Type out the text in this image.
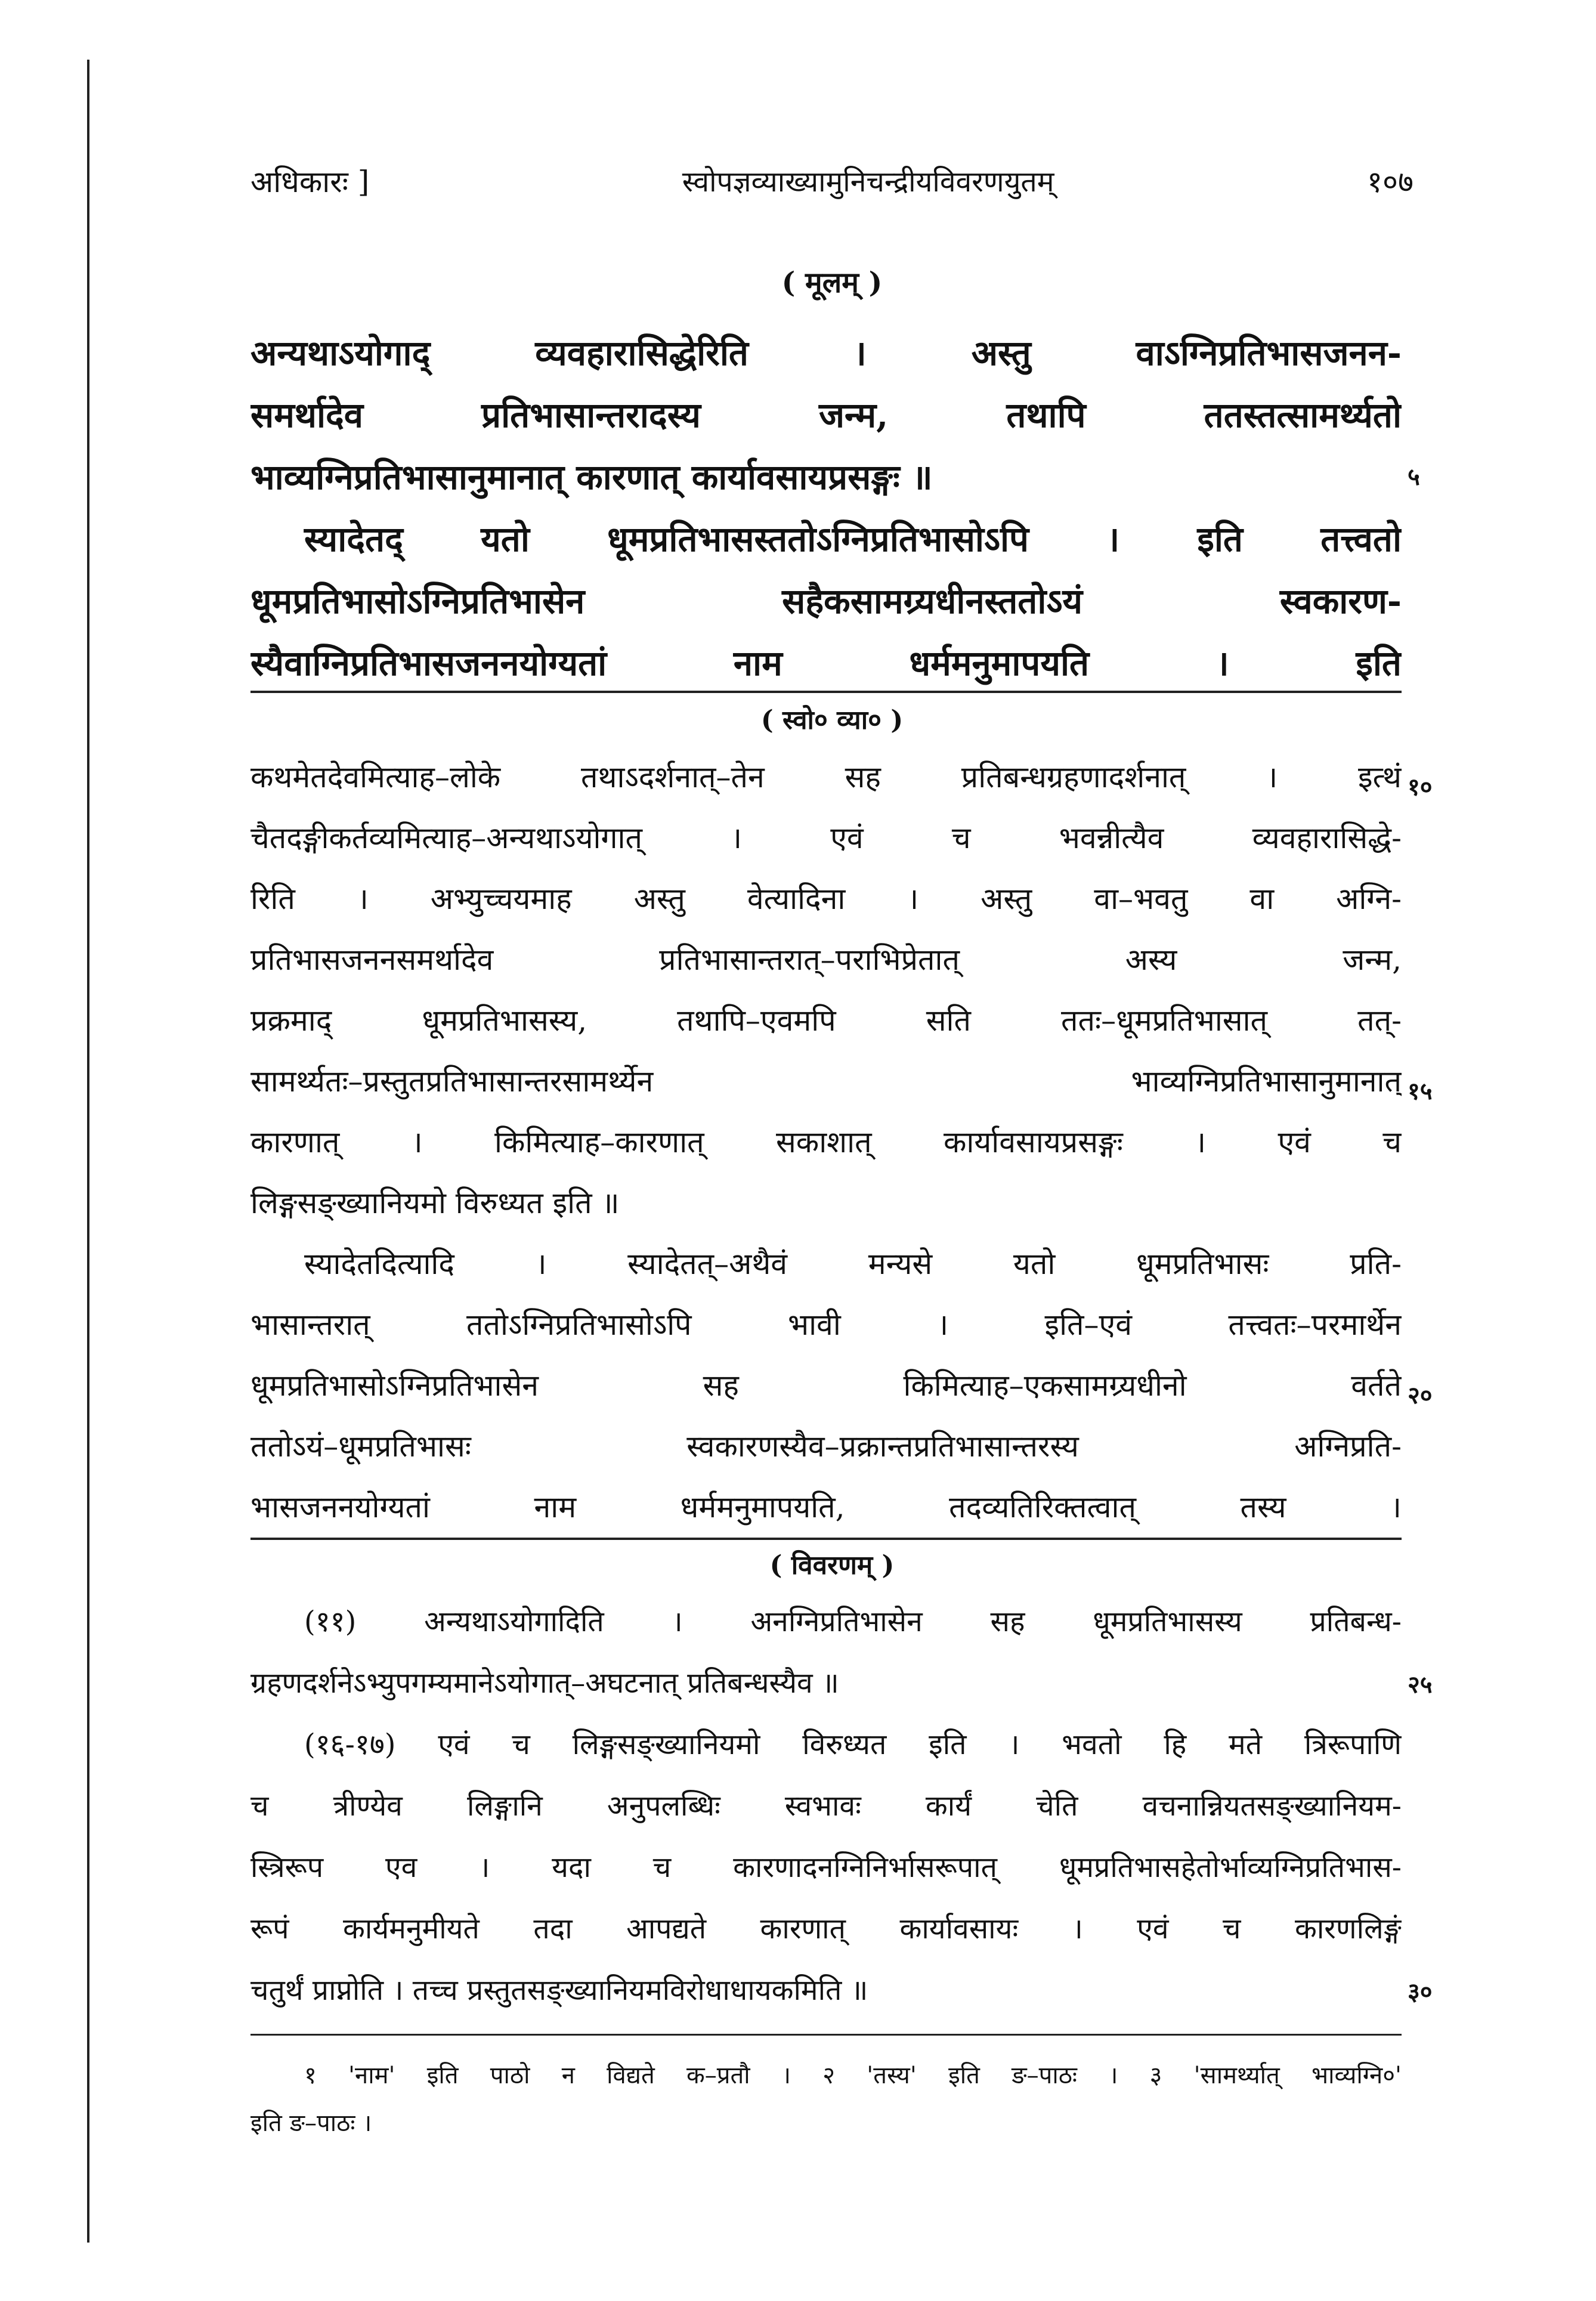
अधिकारः ]	स्वोपज्ञव्याख्यामुनिचन्द्रीयविवरणयुतम्	१०७
( मूलम् )
अन्यथाऽयोगाद् व्यवहारासिद्धेरिति । अस्तु वाऽग्निप्रतिभासजनन-
समर्थादेव प्रतिभासान्तरादस्य जन्म, तथापि ततस्तत्सामर्थ्यतो
भाव्यग्निप्रतिभासानुमानात् कारणात् कार्यावसायप्रसङ्गः ॥
स्यादेतद् यतो धूमप्रतिभासस्ततोऽग्निप्रतिभासोऽपि । इति तत्त्वतो
धूमप्रतिभासोऽग्निप्रतिभासेन सहैकसामग्र्यधीनस्ततोऽयं स्वकारण-
स्यैवाग्निप्रतिभासजननयोग्यतां नाम धर्ममनुमापयति । इति
( स्वो० व्या० )
कथमेतदेवमित्याह–लोके तथाऽदर्शनात्–तेन सह प्रतिबन्धग्रहणादर्शनात् । इत्थं
चैतदङ्गीकर्तव्यमित्याह–अन्यथाऽयोगात् । एवं च भवन्नीत्यैव व्यवहारासिद्धे-
रिति । अभ्युच्चयमाह अस्तु वेत्यादिना । अस्तु वा–भवतु वा अग्नि-
प्रतिभासजननसमर्थादेव प्रतिभासान्तरात्–पराभिप्रेतात् अस्य जन्म,
प्रक्रमाद् धूमप्रतिभासस्य, तथापि–एवमपि सति ततः–धूमप्रतिभासात् तत्-
सामर्थ्यतः–प्रस्तुतप्रतिभासान्तरसामर्थ्येन भाव्यग्निप्रतिभासानुमानात्
कारणात् । किमित्याह–कारणात् सकाशात् कार्यावसायप्रसङ्गः । एवं च
लिङ्गसङ्ख्यानियमो विरुध्यत इति ॥
स्यादेतदित्यादि । स्यादेतत्–अथैवं मन्यसे यतो धूमप्रतिभासः प्रति-
भासान्तरात् ततोऽग्निप्रतिभासोऽपि भावी । इति–एवं तत्त्वतः–परमार्थेन
धूमप्रतिभासोऽग्निप्रतिभासेन सह किमित्याह–एकसामग्र्यधीनो वर्तते
ततोऽयं–धूमप्रतिभासः स्वकारणस्यैव–प्रक्रान्तप्रतिभासान्तरस्य अग्निप्रति-
भासजननयोग्यतां नाम धर्ममनुमापयति, तदव्यतिरिक्तत्वात् तस्य ।
( विवरणम् )
(११) अन्यथाऽयोगादिति । अनग्निप्रतिभासेन सह धूमप्रतिभासस्य प्रतिबन्ध-
ग्रहणदर्शनेऽभ्युपगम्यमानेऽयोगात्–अघटनात् प्रतिबन्धस्यैव ॥
(१६-१७) एवं च लिङ्गसङ्ख्यानियमो विरुध्यत इति । भवतो हि मते त्रिरूपाणि
च त्रीण्येव लिङ्गानि अनुपलब्धिः स्वभावः कार्यं चेति वचनान्नियतसङ्ख्यानियम-
स्त्रिरूप एव । यदा च कारणादनग्निनिर्भासरूपात् धूमप्रतिभासहेतोर्भाव्यग्निप्रतिभास-
रूपं कार्यमनुमीयते तदा आपद्यते कारणात् कार्यावसायः । एवं च कारणलिङ्गं
चतुर्थं प्राप्नोति । तच्च प्रस्तुतसङ्ख्यानियमविरोधाधायकमिति ॥
१ 'नाम' इति पाठो न विद्यते क–प्रतौ । २ 'तस्य' इति ङ–पाठः । ३ 'सामर्थ्यात् भाव्यग्नि०'
इति ङ–पाठः ।
५
१०
१५
२०
२५
३०
